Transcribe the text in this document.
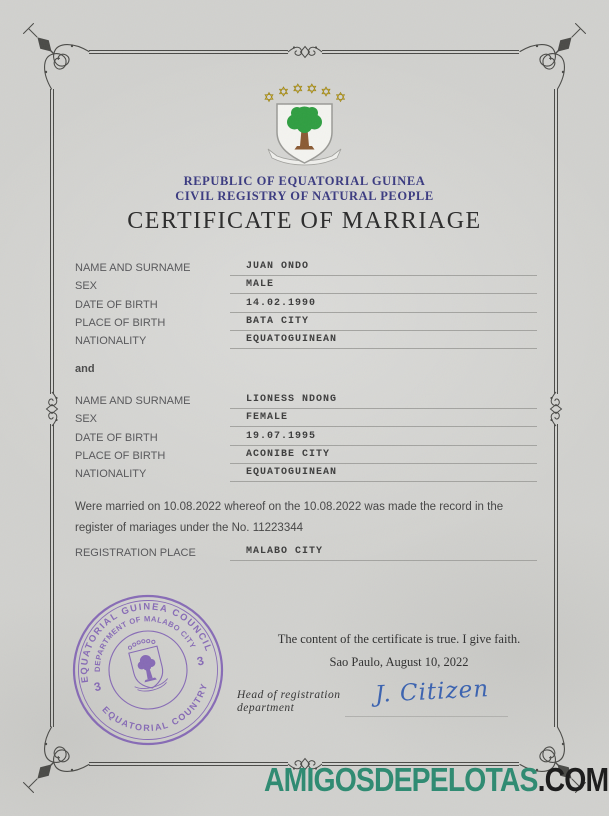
REPUBLIC OF EQUATORIAL GUINEA
CIVIL REGISTRY OF NATURAL PEOPLE
CERTIFICATE OF MARRIAGE
NAME AND SURNAME	JUAN ONDO
SEX	MALE
DATE OF BIRTH	14.02.1990
PLACE OF BIRTH	BATA CITY
NATIONALITY	EQUATOGUINEAN
and
NAME AND SURNAME	LIONESS NDONG
SEX	FEMALE
DATE OF BIRTH	19.07.1995
PLACE OF BIRTH	ACONIBE CITY
NATIONALITY	EQUATOGUINEAN
Were married on 10.08.2022 whereof on the 10.08.2022 was made the record in the register of mariages under the No. 11223344
REGISTRATION PLACE	MALABO CITY
EQUATORIAL GUINEA COUNCIL
DEPARTMENT OF MALABO CITY
EQUATORIAL COUNTRY
3
3
The content of the certificate is true. I give faith.
Sao Paulo, August 10, 2022
Head of registration
department
J. Citizen
AMIGOSDEPELOTAS.COM
